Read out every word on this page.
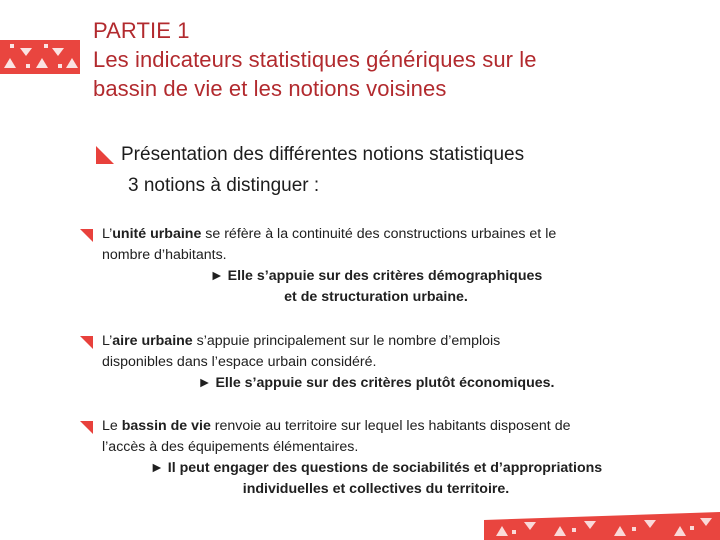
PARTIE 1
Les indicateurs statistiques génériques sur le
bassin de vie et les notions voisines
Présentation des différentes notions statistiques
3 notions à distinguer :
L’unité urbaine se réfère à la continuité des constructions urbaines et le
nombre d’habitants.
► Elle s’appuie sur des critères démographiques
et de structuration urbaine.
L’aire urbaine s’appuie principalement sur le nombre d’emplois
disponibles dans l’espace urbain considéré.
► Elle s’appuie sur des critères plutôt économiques.
Le bassin de vie renvoie au territoire sur lequel les habitants disposent de
l’accès à des équipements élémentaires.
► Il peut engager des questions de sociabilités et d’appropriations
individuelles et collectives du territoire.
